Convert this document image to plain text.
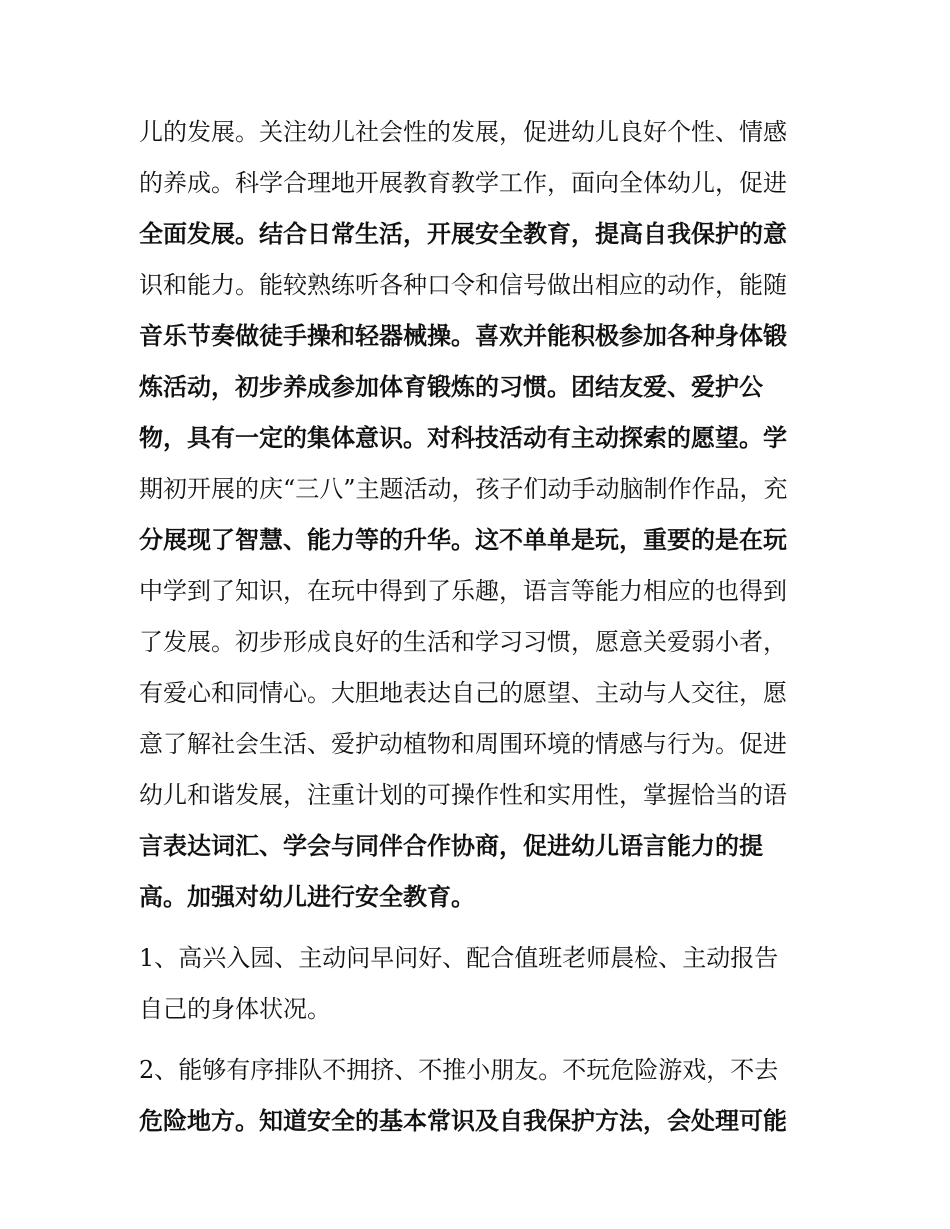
儿的发展。关注幼儿社会性的发展，促进幼儿良好个性、情感
的养成。科学合理地开展教育教学工作，面向全体幼儿，促进
全面发展。结合日常生活，开展安全教育，提高自我保护的意
识和能力。能较熟练听各种口令和信号做出相应的动作，能随
音乐节奏做徒手操和轻器械操。喜欢并能积极参加各种身体锻
炼活动，初步养成参加体育锻炼的习惯。团结友爱、爱护公
物，具有一定的集体意识。对科技活动有主动探索的愿望。学
期初开展的庆“三八”主题活动，孩子们动手动脑制作作品，充
分展现了智慧、能力等的升华。这不单单是玩，重要的是在玩
中学到了知识，在玩中得到了乐趣，语言等能力相应的也得到
了发展。初步形成良好的生活和学习习惯，愿意关爱弱小者，
有爱心和同情心。大胆地表达自己的愿望、主动与人交往，愿
意了解社会生活、爱护动植物和周围环境的情感与行为。促进
幼儿和谐发展，注重计划的可操作性和实用性，掌握恰当的语
言表达词汇、学会与同伴合作协商，促进幼儿语言能力的提
高。加强对幼儿进行安全教育。
1、高兴入园、主动问早问好、配合值班老师晨检、主动报告
自己的身体状况。
2、能够有序排队不拥挤、不推小朋友。不玩危险游戏，不去
危险地方。知道安全的基本常识及自我保护方法，会处理可能
